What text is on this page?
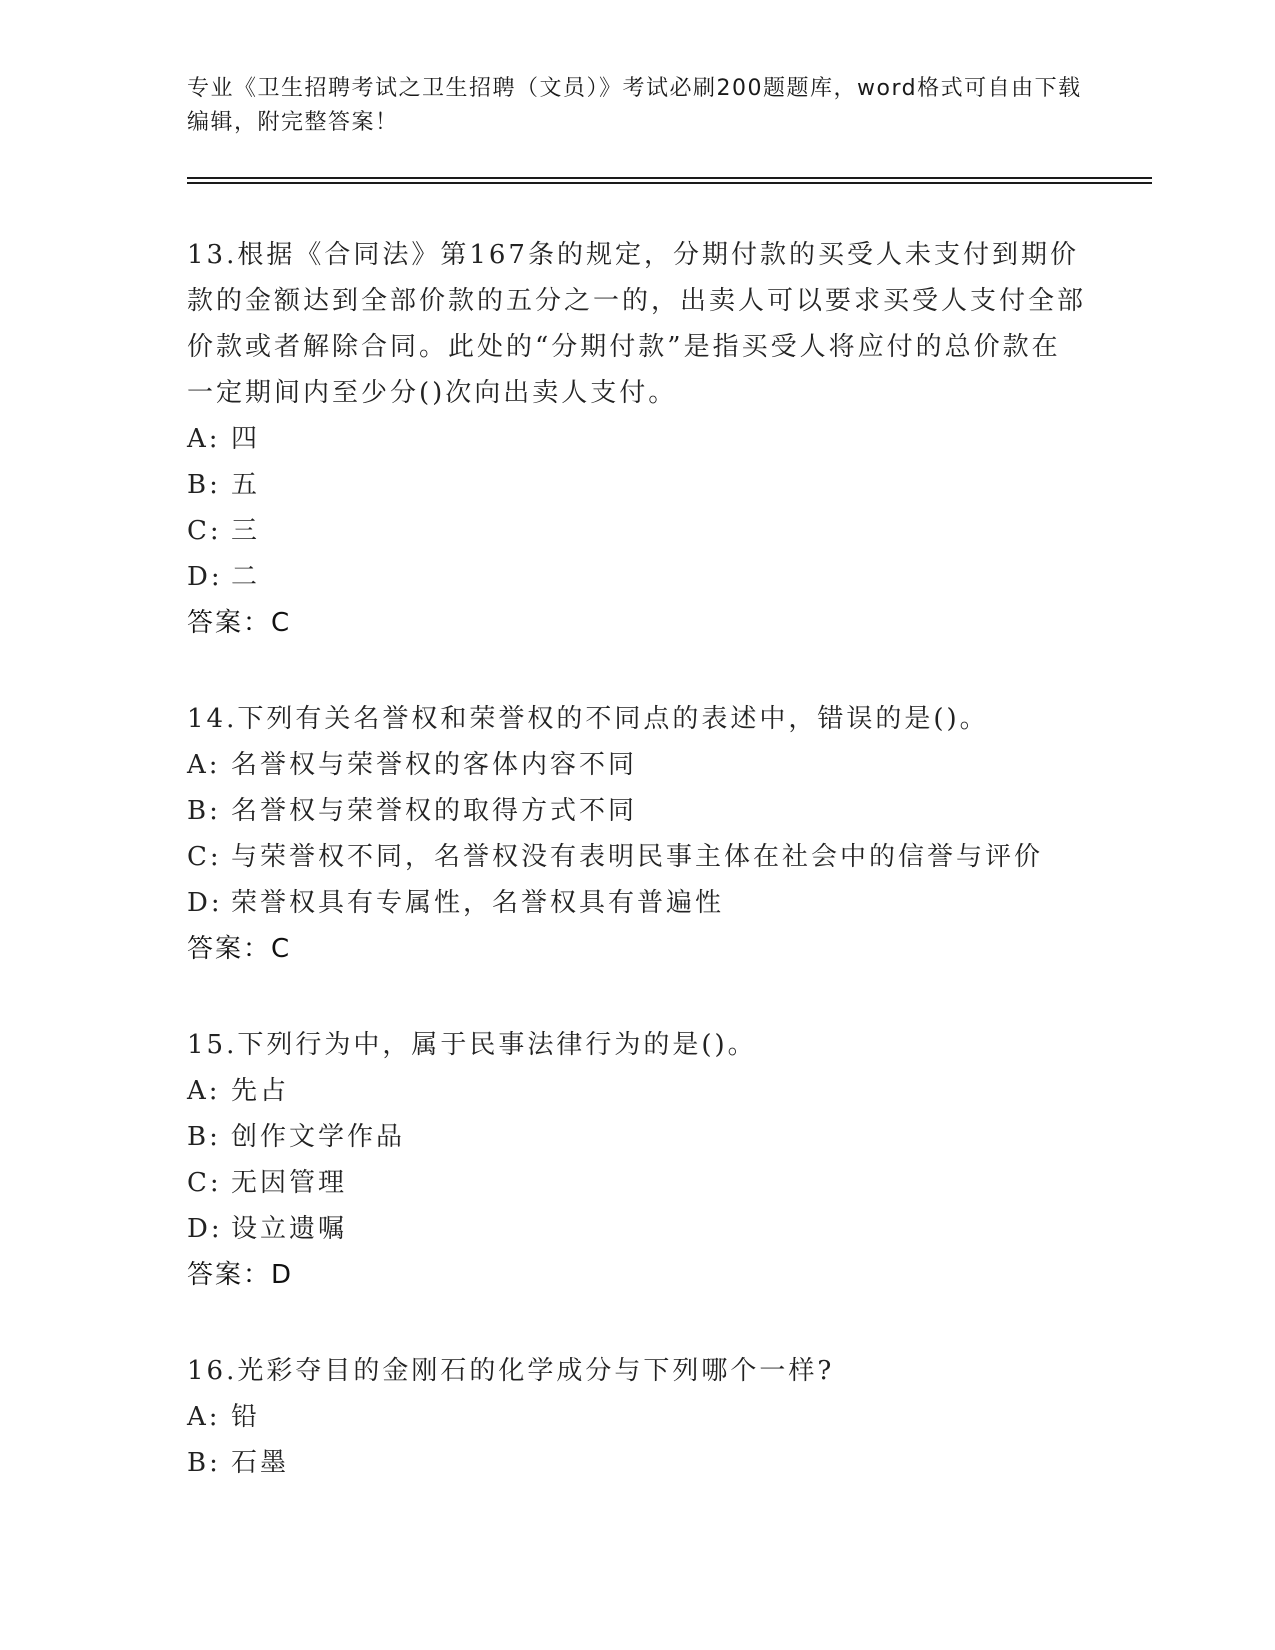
专业《卫生招聘考试之卫生招聘（文员）》考试必刷200题题库，word格式可自由下载编辑，附完整答案！

13.根据《合同法》第167条的规定，分期付款的买受人未支付到期价款的金额达到全部价款的五分之一的，出卖人可以要求买受人支付全部价款或者解除合同。此处的“分期付款”是指买受人将应付的总价款在一定期间内至少分()次向出卖人支付。

A: 四

B: 五

C: 三

D: 二

答案：C

14.下列有关名誉权和荣誉权的不同点的表述中，错误的是()。

A: 名誉权与荣誉权的客体内容不同

B: 名誉权与荣誉权的取得方式不同

C: 与荣誉权不同，名誉权没有表明民事主体在社会中的信誉与评价

D: 荣誉权具有专属性，名誉权具有普遍性

答案：C

15.下列行为中，属于民事法律行为的是()。

A: 先占

B: 创作文学作品

C: 无因管理

D: 设立遗嘱

答案：D

16.光彩夺目的金刚石的化学成分与下列哪个一样?

A: 铅

B: 石墨
